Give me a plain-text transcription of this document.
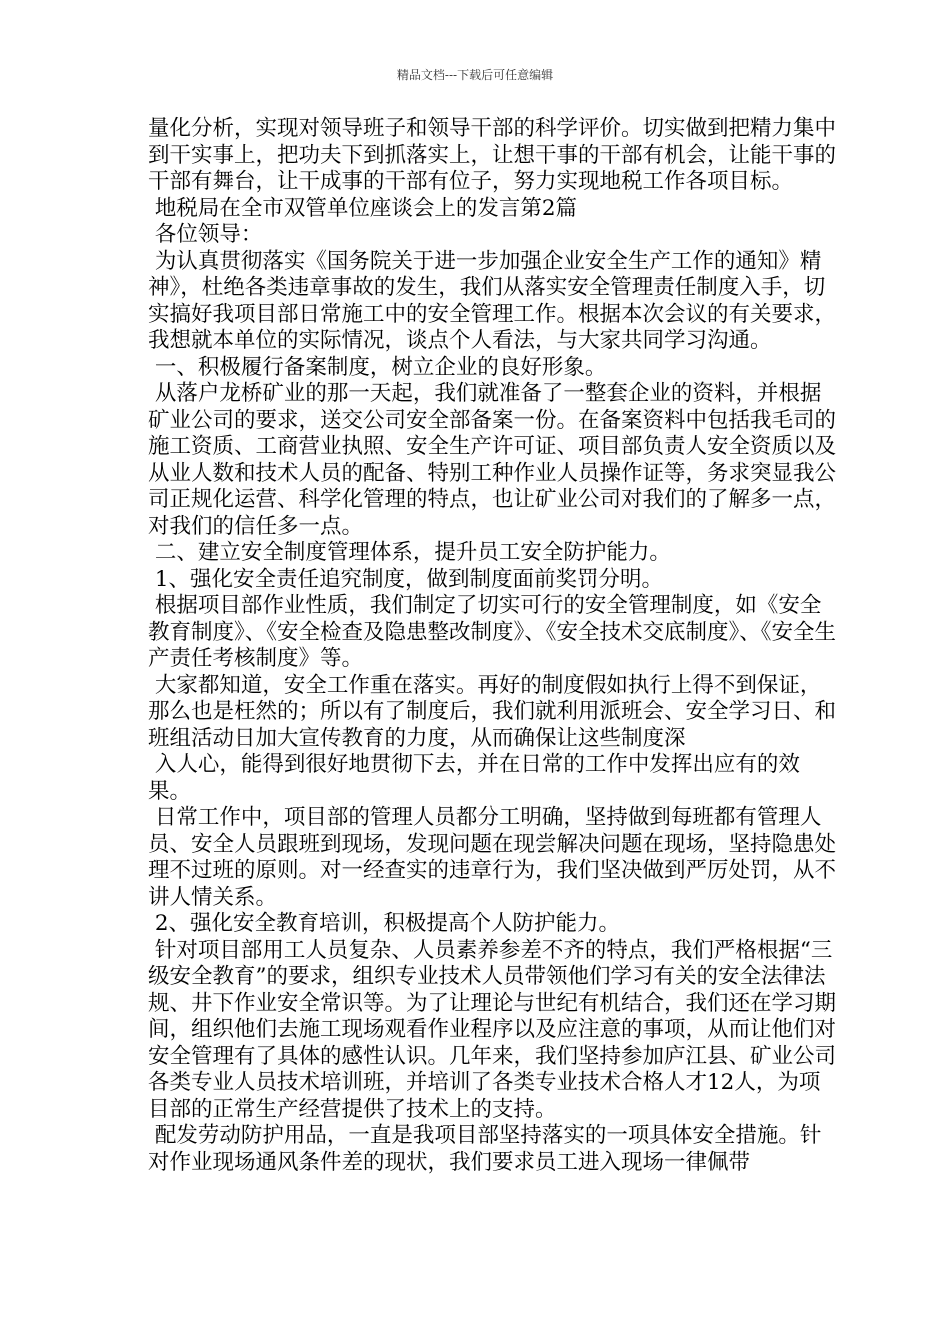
精品文档---下载后可任意编辑

量化分析，实现对领导班子和领导干部的科学评价。切实做到把精力集中到干实事上，把功夫下到抓落实上，让想干事的干部有机会，让能干事的干部有舞台，让干成事的干部有位子，努力实现地税工作各项目标。

地税局在全市双管单位座谈会上的发言第2篇

各位领导：

为认真贯彻落实《国务院关于进一步加强企业安全生产工作的通知》精神》，杜绝各类违章事故的发生，我们从落实安全管理责任制度入手，切实搞好我项目部日常施工中的安全管理工作。根据本次会议的有关要求，我想就本单位的实际情况，谈点个人看法，与大家共同学习沟通。

一、积极履行备案制度，树立企业的良好形象。

从落户龙桥矿业的那一天起，我们就准备了一整套企业的资料，并根据矿业公司的要求，送交公司安全部备案一份。在备案资料中包括我毛司的施工资质、工商营业执照、安全生产许可证、项目部负责人安全资质以及从业人数和技术人员的配备、特别工种作业人员操作证等，务求突显我公司正规化运营、科学化管理的特点，也让矿业公司对我们的了解多一点，对我们的信任多一点。

二、建立安全制度管理体系，提升员工安全防护能力。

1、强化安全责任追究制度，做到制度面前奖罚分明。

根据项目部作业性质，我们制定了切实可行的安全管理制度，如《安全教育制度》、《安全检查及隐患整改制度》、《安全技术交底制度》、《安全生产责任考核制度》等。

大家都知道，安全工作重在落实。再好的制度假如执行上得不到保证，那么也是枉然的；所以有了制度后，我们就利用派班会、安全学习日、和班组活动日加大宣传教育的力度，从而确保让这些制度深

入人心，能得到很好地贯彻下去，并在日常的工作中发挥出应有的效果。

日常工作中，项目部的管理人员都分工明确，坚持做到每班都有管理人员、安全人员跟班到现场，发现问题在现尝解决问题在现场，坚持隐患处理不过班的原则。对一经查实的违章行为，我们坚决做到严厉处罚，从不讲人情关系。

2、强化安全教育培训，积极提高个人防护能力。

针对项目部用工人员复杂、人员素养参差不齐的特点，我们严格根据“三级安全教育”的要求，组织专业技术人员带领他们学习有关的安全法律法规、井下作业安全常识等。为了让理论与世纪有机结合，我们还在学习期间，组织他们去施工现场观看作业程序以及应注意的事项，从而让他们对安全管理有了具体的感性认识。几年来，我们坚持参加庐江县、矿业公司各类专业人员技术培训班，并培训了各类专业技术合格人才12人，为项目部的正常生产经营提供了技术上的支持。

配发劳动防护用品，一直是我项目部坚持落实的一项具体安全措施。针对作业现场通风条件差的现状，我们要求员工进入现场一律佩带
